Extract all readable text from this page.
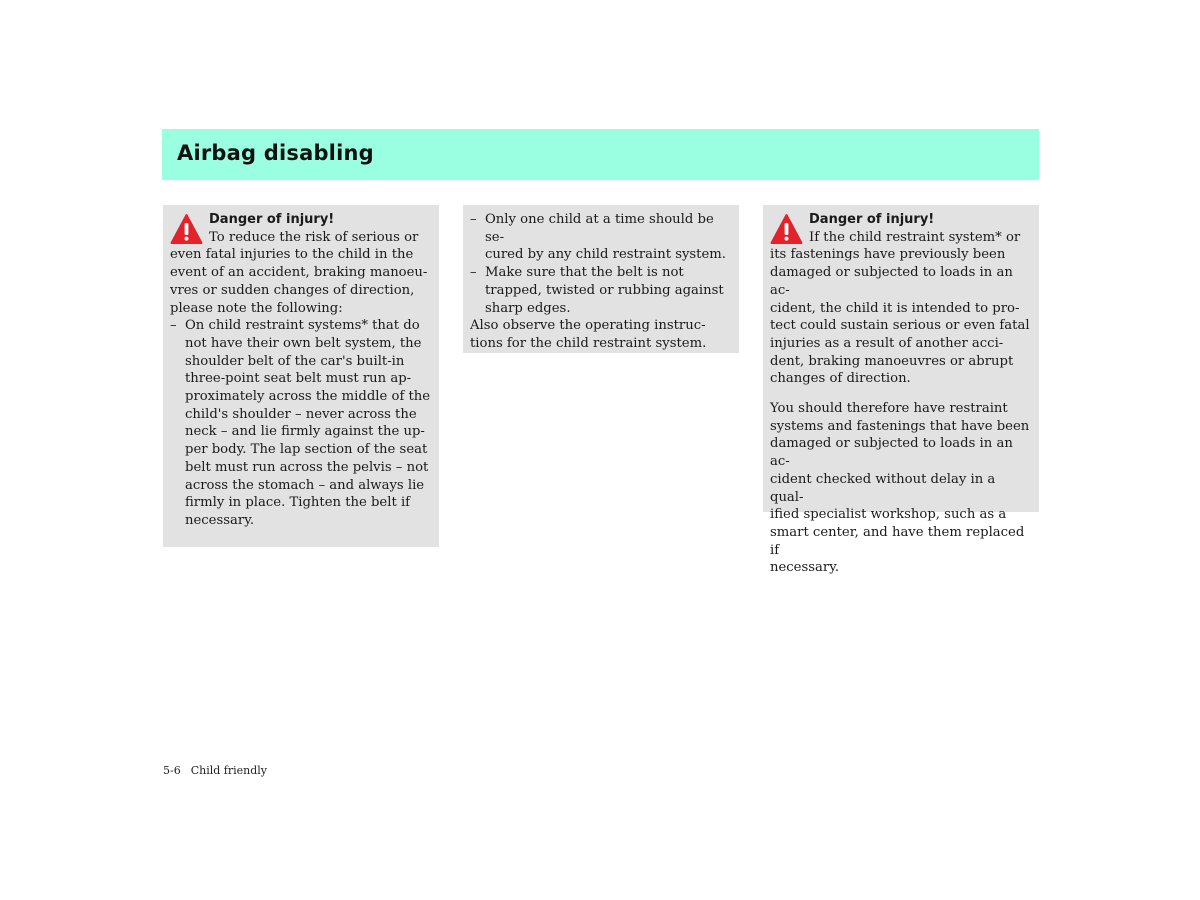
Airbag disabling
Danger of injury!

To reduce the risk of serious or
even fatal injuries to the child in the
event of an accident, braking manoeu-
vres or sudden changes of direction,
please note the following:

– On child restraint systems* that do
not have their own belt system, the
shoulder belt of the car's built-in
three-point seat belt must run ap-
proximately across the middle of the
child's shoulder – never across the
neck – and lie firmly against the up-
per body. The lap section of the seat
belt must run across the pelvis – not
across the stomach – and always lie
firmly in place. Tighten the belt if
necessary.

– Only one child at a time should be se-
cured by any child restraint system.

– Make sure that the belt is not
trapped, twisted or rubbing against
sharp edges.

Also observe the operating instruc-
tions for the child restraint system.

Danger of injury!

If the child restraint system* or
its fastenings have previously been
damaged or subjected to loads in an ac-
cident, the child it is intended to pro-
tect could sustain serious or even fatal
injuries as a result of another acci-
dent, braking manoeuvres or abrupt
changes of direction.

You should therefore have restraint
systems and fastenings that have been
damaged or subjected to loads in an ac-
cident checked without delay in a qual-
ified specialist workshop, such as a
smart center, and have them replaced if
necessary.

5-6 Child friendly
